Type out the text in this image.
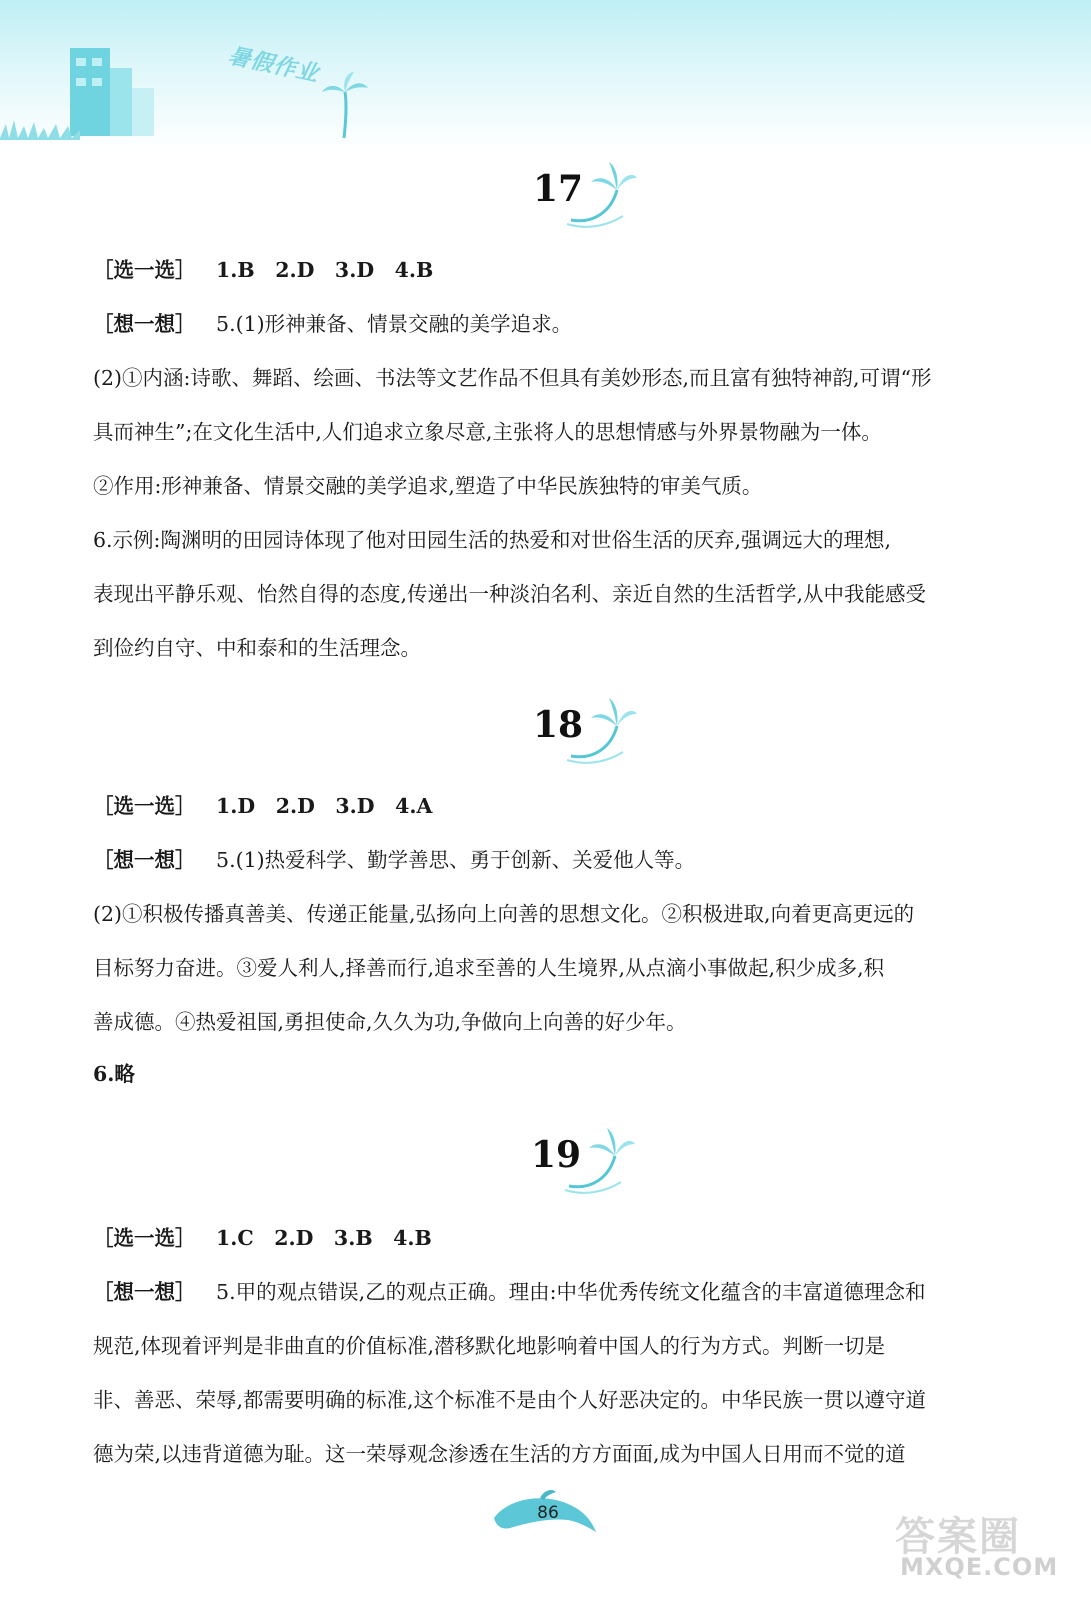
暑假作业
17
［选一选］ 1.B　2.D　3.D　4.B
［想一想］ 5.(1)形神兼备、情景交融的美学追求。
(2)①内涵:诗歌、舞蹈、绘画、书法等文艺作品不但具有美妙形态,而且富有独特神韵,可谓“形
具而神生”;在文化生活中,人们追求立象尽意,主张将人的思想情感与外界景物融为一体。
②作用:形神兼备、情景交融的美学追求,塑造了中华民族独特的审美气质。
6.示例:陶渊明的田园诗体现了他对田园生活的热爱和对世俗生活的厌弃,强调远大的理想,
表现出平静乐观、怡然自得的态度,传递出一种淡泊名利、亲近自然的生活哲学,从中我能感受
到俭约自守、中和泰和的生活理念。
18
［选一选］ 1.D　2.D　3.D　4.A
［想一想］ 5.(1)热爱科学、勤学善思、勇于创新、关爱他人等。
(2)①积极传播真善美、传递正能量,弘扬向上向善的思想文化。②积极进取,向着更高更远的
目标努力奋进。③爱人利人,择善而行,追求至善的人生境界,从点滴小事做起,积少成多,积
善成德。④热爱祖国,勇担使命,久久为功,争做向上向善的好少年。
6.略
19
［选一选］ 1.C　2.D　3.B　4.B
［想一想］ 5.甲的观点错误,乙的观点正确。理由:中华优秀传统文化蕴含的丰富道德理念和
规范,体现着评判是非曲直的价值标准,潜移默化地影响着中国人的行为方式。判断一切是
非、善恶、荣辱,都需要明确的标准,这个标准不是由个人好恶决定的。中华民族一贯以遵守道
德为荣,以违背道德为耻。这一荣辱观念渗透在生活的方方面面,成为中国人日用而不觉的道
86
答案圈
MXQE.COM
